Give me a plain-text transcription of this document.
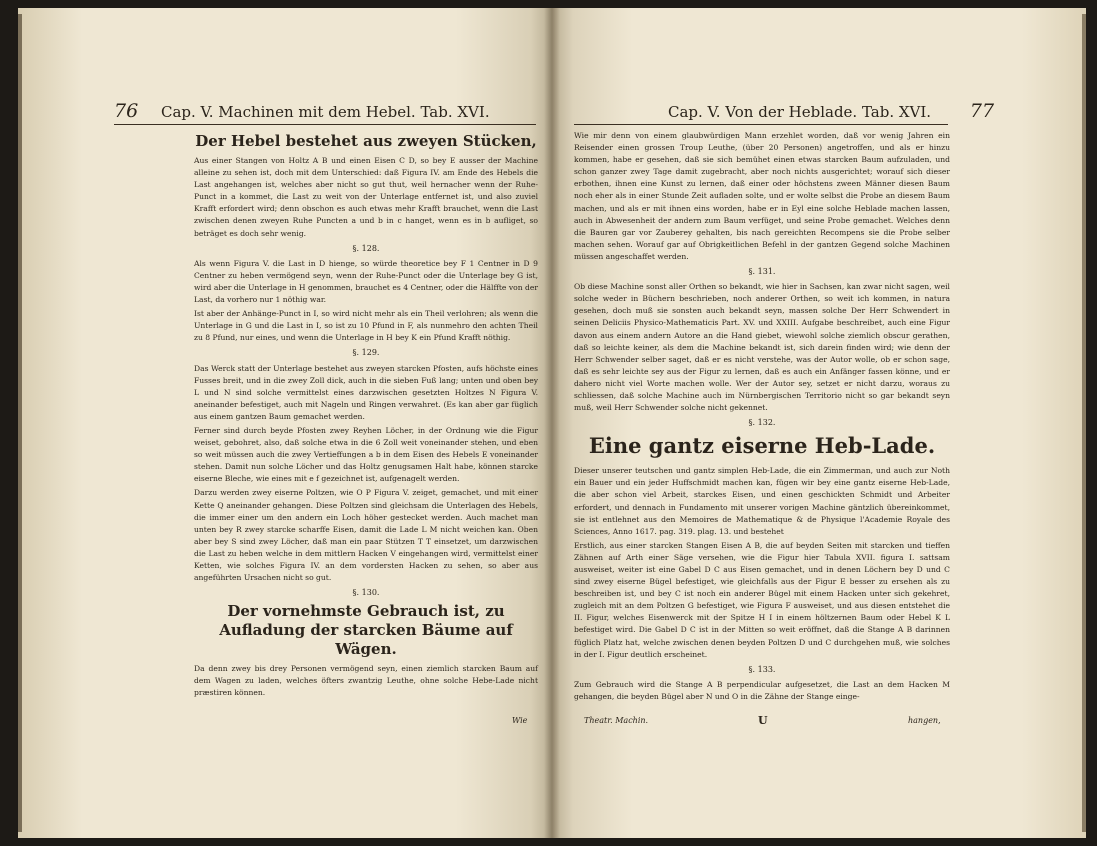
76 Cap. V. Machinen mit dem Hebel. Tab. XVI.
Der Hebel bestehet aus zweyen Stücken,

Aus einer Stangen von Holtz A B und einen Eisen C D, so bey E ausser der Machine alleine zu sehen ist, doch mit dem Unterschied: daß Figura IV. am Ende des Hebels die Last angehangen ist, welches aber nicht so gut thut, weil hernacher wenn der Ruhe-Punct in a kommet, die Last zu weit von der Unterlage entfernet ist, und also zuviel Krafft erfordert wird; denn obschon es auch etwas mehr Krafft brauchet, wenn die Last zwischen denen zweyen Ruhe Puncten a und b in c hanget, wenn es in b aufliget, so beträget es doch sehr wenig.

§. 128.

Als wenn Figura V. die Last in D hienge, so würde theoretice bey F 1 Centner in D 9 Centner zu heben vermögend seyn, wenn der Ruhe-Punct oder die Unterlage bey G ist, wird aber die Unterlage in H genommen, brauchet es 4 Centner, oder die Hälffte von der Last, da vorhero nur 1 nöthig war.

Ist aber der Anhänge-Punct in I, so wird nicht mehr als ein Theil verlohren; als wenn die Unterlage in G und die Last in I, so ist zu 10 Pfund in F, als nunmehro den achten Theil zu 8 Pfund, nur eines, und wenn die Unterlage in H bey K ein Pfund Krafft nöthig.

§. 129.

Das Werck statt der Unterlage bestehet aus zweyen starcken Pfosten, aufs höchste eines Fusses breit, und in die zwey Zoll dick, auch in die sieben Fuß lang; unten und oben bey L und N sind solche vermittelst eines darzwischen gesetzten Holtzes N Figura V. aneinander befestiget, auch mit Nageln und Ringen verwahret. (Es kan aber gar füglich aus einem gantzen Baum gemachet werden.

Ferner sind durch beyde Pfosten zwey Reyhen Löcher, in der Ordnung wie die Figur weiset, gebohret, also, daß solche etwa in die 6 Zoll weit voneinander stehen, und eben so weit müssen auch die zwey Vertieffungen a b in dem Eisen des Hebels E voneinander stehen. Damit nun solche Löcher und das Holtz genugsamen Halt habe, können starcke eiserne Bleche, wie eines mit e f gezeichnet ist, aufgenagelt werden.

Darzu werden zwey eiserne Poltzen, wie O P Figura V. zeiget, gemachet, und mit einer Kette Q aneinander gehangen. Diese Poltzen sind gleichsam die Unterlagen des Hebels, die immer einer um den andern ein Loch höher gestecket werden. Auch machet man unten bey R zwey starcke scharffe Eisen, damit die Lade L M nicht weichen kan. Oben aber bey S sind zwey Löcher, daß man ein paar Stützen T T einsetzet, um darzwischen die Last zu heben welche in dem mittlern Hacken V eingehangen wird, vermittelst einer Ketten, wie solches Figura IV. an dem vordersten Hacken zu sehen, so aber aus angeführten Ursachen nicht so gut.

§. 130.
Der vornehmste Gebrauch ist, zu Aufladung der starcken Bäume auf Wägen.

Da denn zwey bis drey Personen vermögend seyn, einen ziemlich starcken Baum auf dem Wagen zu laden, welches öfters zwantzig Leuthe, ohne solche Hebe-Lade nicht præstiren können.

Wie
Cap. V. Von der Heblade. Tab. XVI. 77

Wie mir denn von einem glaubwürdigen Mann erzehlet worden, daß vor wenig Jahren ein Reisender einen grossen Troup Leuthe, (über 20 Personen) angetroffen, und als er hinzu kommen, habe er gesehen, daß sie sich bemühet einen etwas starcken Baum aufzuladen, und schon ganzer zwey Tage damit zugebracht, aber noch nichts ausgerichtet; worauf sich dieser erbothen, ihnen eine Kunst zu lernen, daß einer oder höchstens zween Männer diesen Baum noch eher als in einer Stunde Zeit aufladen solte, und er wolte selbst die Probe an diesem Baum machen, und als er mit ihnen eins worden, habe er in Eyl eine solche Heblade machen lassen, auch in Abwesenheit der andern zum Baum verfüget, und seine Probe gemachet. Welches denn die Bauren gar vor Zauberey gehalten, bis nach gereichten Recompens sie die Probe selber machen sehen. Worauf gar auf Obrigkeitlichen Befehl in der gantzen Gegend solche Machinen müssen angeschaffet werden.

§. 131.

Ob diese Machine sonst aller Orthen so bekandt, wie hier in Sachsen, kan zwar nicht sagen, weil solche weder in Büchern beschrieben, noch anderer Orthen, so weit ich kommen, in natura gesehen, doch muß sie sonsten auch bekandt seyn, massen solche Der Herr Schwendert in seinen Deliciis Physico-Mathematicis Part. XV. und XXIII. Aufgabe beschreibet, auch eine Figur davon aus einem andern Autore an die Hand giebet, wiewohl solche ziemlich obscur gerathen, daß so leichte keiner, als dem die Machine bekandt ist, sich darein finden wird; wie denn der Herr Schwender selber saget, daß er es nicht verstehe, was der Autor wolle, ob er schon sage, daß es sehr leichte sey aus der Figur zu lernen, daß es auch ein Anfänger fassen könne, und er dahero nicht viel Worte machen wolle. Wer der Autor sey, setzet er nicht darzu, woraus zu schliessen, daß solche Machine auch im Nürnbergischen Territorio nicht so gar bekandt seyn muß, weil Herr Schwender solche nicht gekennet.

§. 132.
Eine gantz eiserne Heb-Lade.

Dieser unserer teutschen und gantz simplen Heb-Lade, die ein Zimmerman, und auch zur Noth ein Bauer und ein jeder Huffschmidt machen kan, fügen wir bey eine gantz eiserne Heb-Lade, die aber schon viel Arbeit, starckes Eisen, und einen geschickten Schmidt und Arbeiter erfordert, und dennach in Fundamento mit unserer vorigen Machine gäntzlich übereinkommet, sie ist entlehnet aus den Memoires de Mathematique & de Physique l'Academie Royale des Sciences, Anno 1617. pag. 319. plag. 13. und bestehet

Erstlich, aus einer starcken Stangen Eisen A B, die auf beyden Seiten mit starcken und tieffen Zähnen auf Arth einer Säge versehen, wie die Figur hier Tabula XVII. figura I. sattsam ausweiset, weiter ist eine Gabel D C aus Eisen gemachet, und in denen Löchern bey D und C sind zwey eiserne Bügel befestiget, wie gleichfalls aus der Figur E besser zu ersehen als zu beschreiben ist, und bey C ist noch ein anderer Bügel mit einem Hacken unter sich gekehret, zugleich mit an dem Poltzen G befestiget, wie Figura F ausweiset, und aus diesen entstehet die II. Figur, welches Eisenwerck mit der Spitze H I in einem höltzernen Baum oder Hebel K L befestiget wird. Die Gabel D C ist in der Mitten so weit eröffnet, daß die Stange A B darinnen füglich Platz hat, welche zwischen denen beyden Poltzen D und C durchgehen muß, wie solches in der I. Figur deutlich erscheinet.

§. 133.

Zum Gebrauch wird die Stange A B perpendicular aufgesetzet, die Last an dem Hacken M gehangen, die beyden Bügel aber N und O in die Zähne der Stange einge-

Theatr. Machin.	U	hangen,
